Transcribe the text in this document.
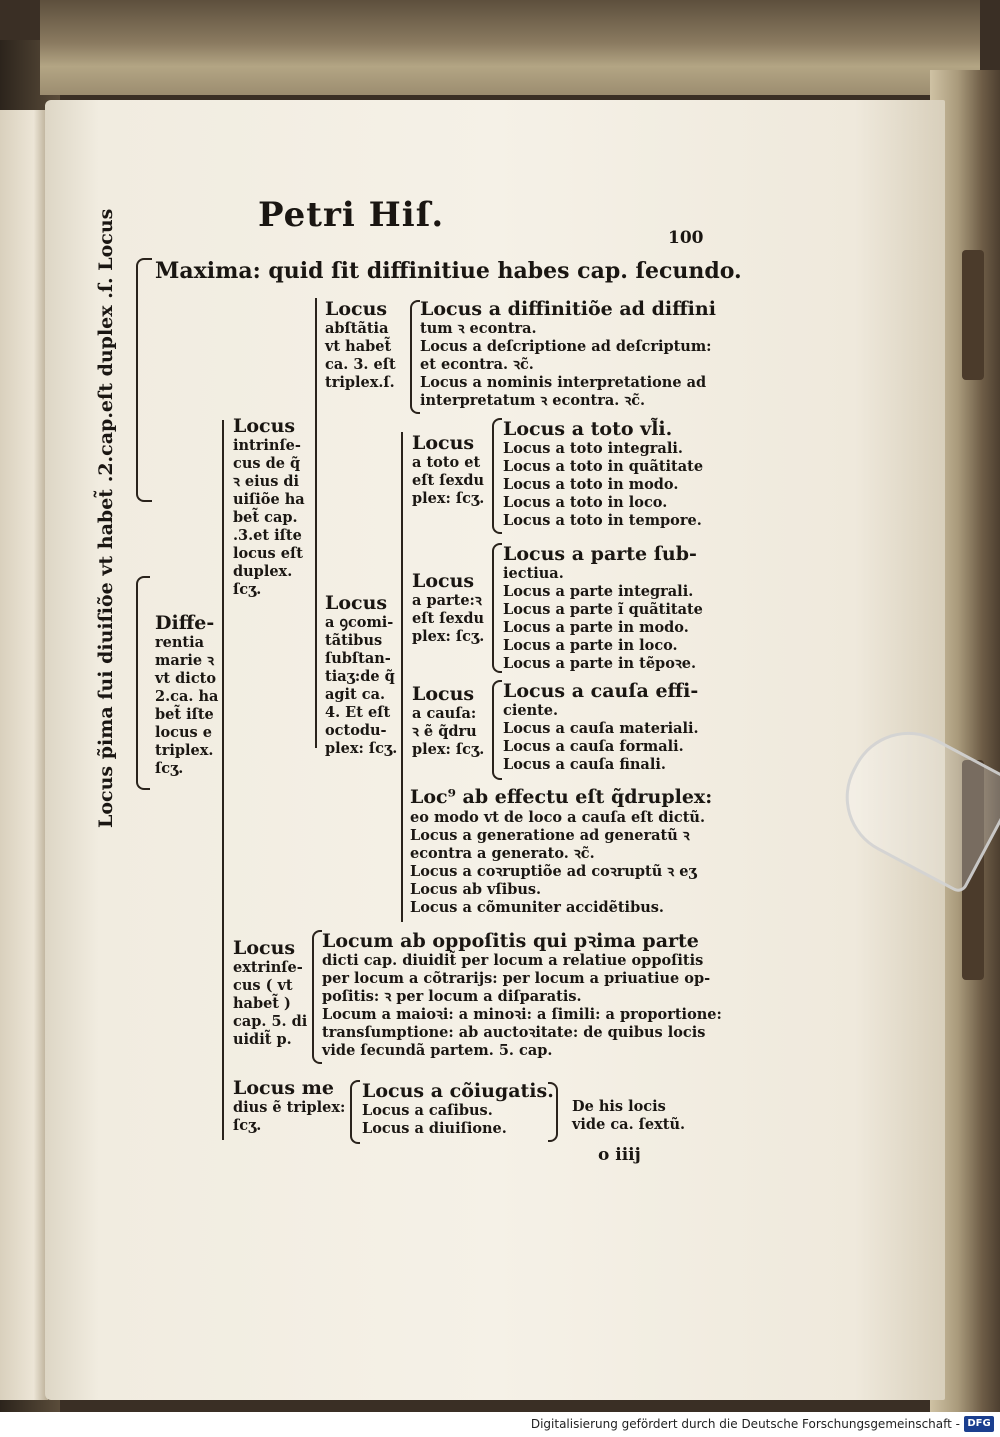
Petri Hiſ.
100
Locus p̃ima ſui diuiſiõe vt habet̃ .2.cap.eſt duplex .ſ. Locus Maxima: quid ſit diffinitiue habes cap. ſecundo.
Diffe-
rentia
marie ꝛ
vt dicto
2.ca. ha
bet̃ iſte
locus e
triplex.
ſcʒ.
Locus
intrinſe-
cus de q̃
ꝛ eius di
uiſiõe ha
bet̃ cap.
.3.et iſte
locus eſt
duplex.
ſcʒ.
Locus
abſtãtia
vt habet̃
ca. 3. eſt
triplex.ſ.
Locus a diffinitiõe ad diffini
tum ꝛ econtra.
Locus a deſcriptione ad deſcriptum:
et econtra. ꝛc̃.
Locus a nominis interpretatione ad
interpretatum ꝛ econtra. ꝛc̃.
Locus
a ꝯcomi-
tãtibus
ſubſtan-
tiaʒ:de q̃
agit ca.
4. Et eſt
octodu-
plex: ſcʒ.
Locus
a toto et
eſt ſexdu
plex: ſcʒ.
Locus a toto vl̃i.
Locus a toto integrali.
Locus a toto in quãtitate
Locus a toto in modo.
Locus a toto in loco.
Locus a toto in tempore.
Locus
a parte:ꝛ
eſt ſexdu
plex: ſcʒ.
Locus a parte ſub-
iectiua.
Locus a parte integrali.
Locus a parte ĩ quãtitate
Locus a parte in modo.
Locus a parte in loco.
Locus a parte in tẽpoꝛe.
Locus
a cauſa:
ꝛ ẽ q̃dru
plex: ſcʒ.
Locus a cauſa effi-
ciente.
Locus a cauſa materiali.
Locus a cauſa formali.
Locus a cauſa finali.
Loc⁹ ab effectu eſt q̃druplex:
eo modo vt de loco a cauſa eſt dictũ.
Locus a generatione ad generatũ ꝛ
econtra a generato. ꝛc̃.
Locus a coꝛruptiõe ad coꝛruptũ ꝛ eʒ
Locus ab vſibus.
Locus a cõmuniter accidẽtibus.
Locus
extrinſe-
cus ( vt
habet̃ )
cap. 5. di
uidit̃ p.
Locum ab oppoſitis qui pꝛima parte
dicti cap. diuidit̃ per locum a relatiue oppoſitis
per locum a cõtrarijs: per locum a priuatiue op-
poſitis: ꝛ per locum a diſparatis.
Locum a maioꝛi: a minoꝛi: a ſimili: a proportione:
transſumptione: ab auctoꝛitate: de quibus locis
vide ſecundã partem. 5. cap.
Locus me
dius ẽ triplex:
ſcʒ.
Locus a cõiugatis.
Locus a caſibus.
Locus a diuiſione.
De his locis
vide ca. ſextũ.
o iiij
Digitalisierung gefördert durch die Deutsche Forschungsgemeinschaft - DFG
